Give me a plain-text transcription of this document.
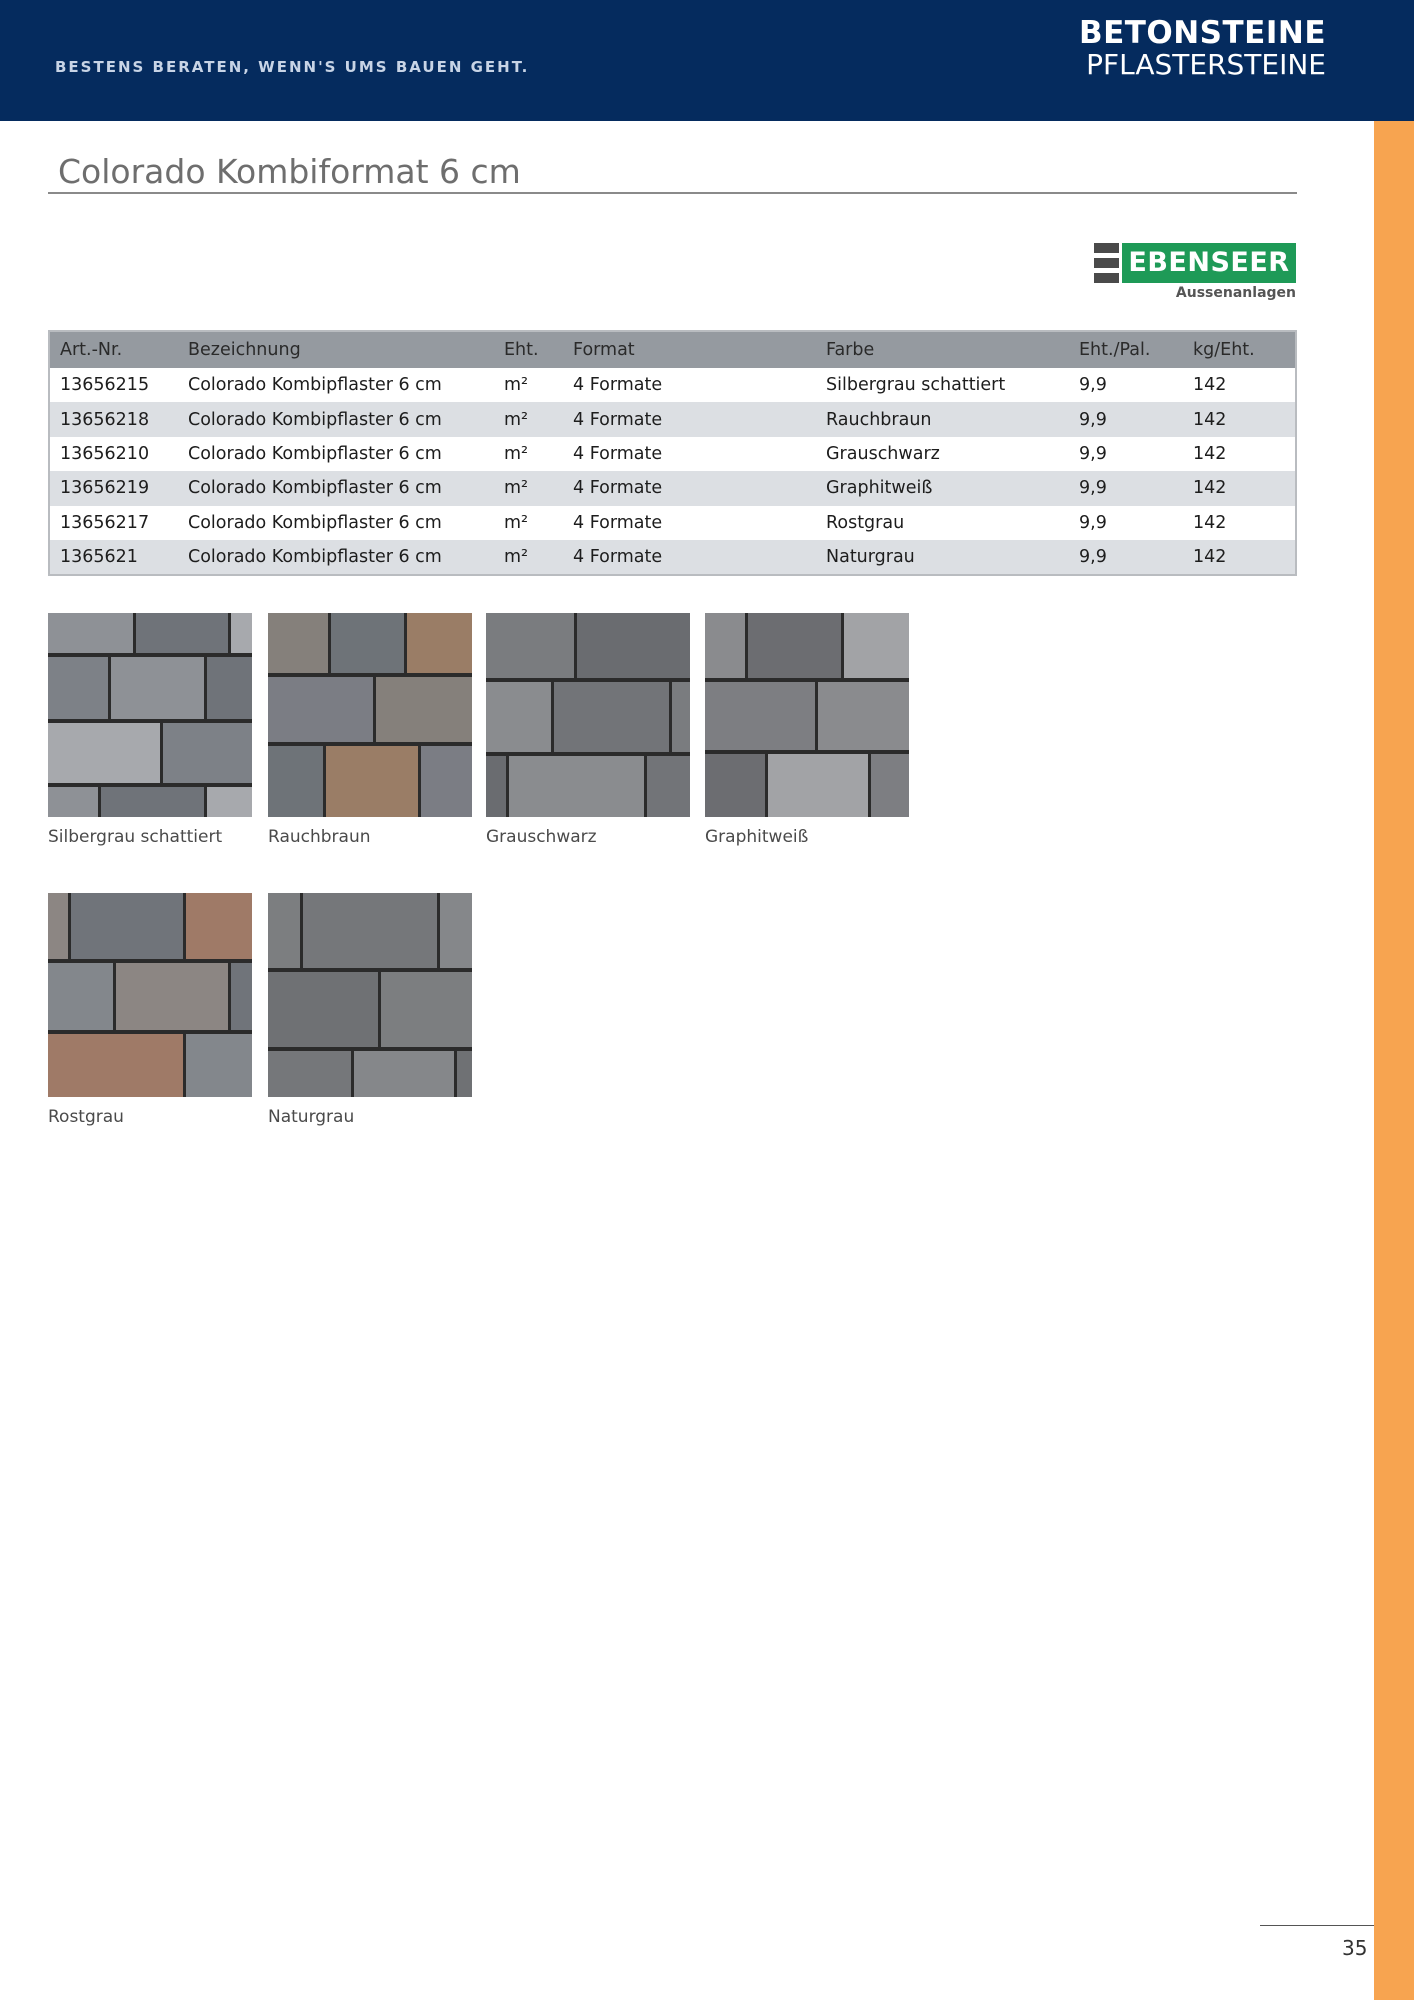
BESTENS BERATEN, WENN'S UMS BAUEN GEHT.
BETONSTEINE
PFLASTERSTEINE
Colorado Kombiformat 6 cm
EBENSEER
Aussenanlagen
Art.-Nr.	Bezeichnung	Eht.	Format	Farbe	Eht./Pal.	kg/Eht.
13656215	Colorado Kombipflaster 6 cm	m²	4 Formate	Silbergrau schattiert	9,9	142
13656218	Colorado Kombipflaster 6 cm	m²	4 Formate	Rauchbraun	9,9	142
13656210	Colorado Kombipflaster 6 cm	m²	4 Formate	Grauschwarz	9,9	142
13656219	Colorado Kombipflaster 6 cm	m²	4 Formate	Graphitweiß	9,9	142
13656217	Colorado Kombipflaster 6 cm	m²	4 Formate	Rostgrau	9,9	142
1365621	Colorado Kombipflaster 6 cm	m²	4 Formate	Naturgrau	9,9	142
Silbergrau schattiert	Rauchbraun	Grauschwarz	Graphitweiß
Rostgrau	Naturgrau
35
